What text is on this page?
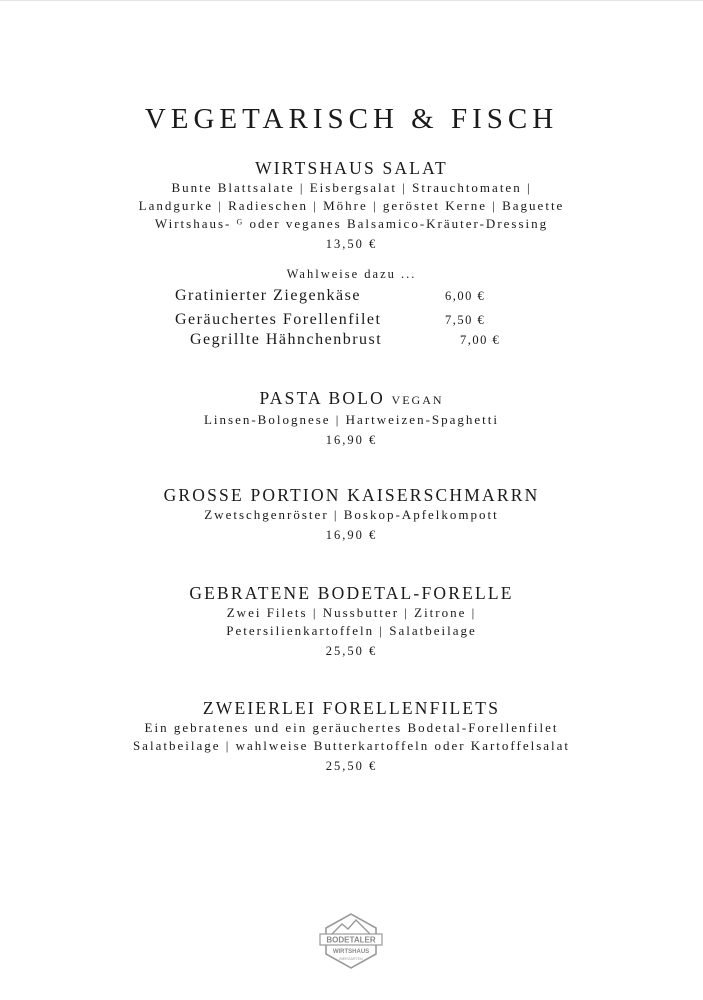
VEGETARISCH & FISCH
WIRTSHAUS SALAT
Bunte Blattsalate | Eisbergsalat | Strauchtomaten |
Landgurke | Radieschen | Möhre | geröstet Kerne | Baguette
Wirtshaus- ᴳ oder veganes Balsamico-Kräuter-Dressing
13,50 €
Wahlweise dazu ...
Gratinierter Ziegenkäse	6,00 €
Geräuchertes Forellenfilet	7,50 €
Gegrillte Hähnchenbrust	7,00 €
PASTA BOLO VEGAN
Linsen-Bolognese | Hartweizen-Spaghetti
16,90 €
GROSSE PORTION KAISERSCHMARRN
Zwetschgenröster | Boskop-Apfelkompott
16,90 €
GEBRATENE BODETAL-FORELLE
Zwei Filets | Nussbutter | Zitrone |
Petersilienkartoffeln | Salatbeilage
25,50 €
ZWEIERLEI FORELLENFILETS
Ein gebratenes und ein geräuchertes Bodetal-Forellenfilet
Salatbeilage | wahlweise Butterkartoffeln oder Kartoffelsalat
25,50 €
BODETALER
WIRTSHAUS
BIERGARTEN
